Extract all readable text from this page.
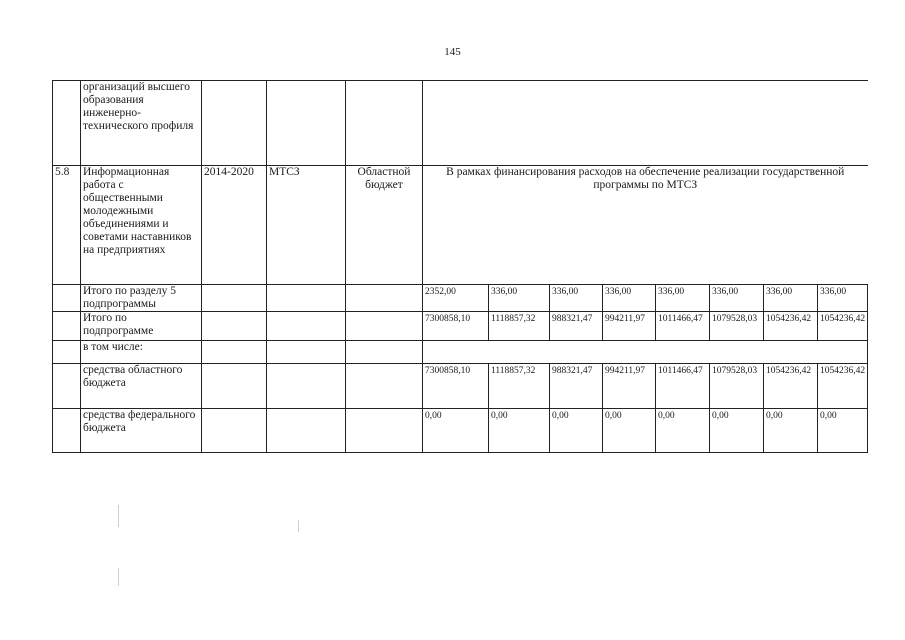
145
	организаций высшего образования инженерно-технического профиля											
5.8	Информационная работа с общественными молодежными объединениями и советами наставников на предприятиях	2014-2020	МТСЗ	Областной бюджет	В рамках финансирования расходов на обеспечение реализации государственной программы по МТСЗ							
	Итого по разделу 5 подпрограммы				2352,00	336,00	336,00	336,00	336,00	336,00	336,00	336,00
	Итого по подпрограмме				7300858,10	1118857,32	988321,47	994211,97	1011466,47	1079528,03	1054236,42	1054236,42
	в том числе:											
	средства областного бюджета				7300858,10	1118857,32	988321,47	994211,97	1011466,47	1079528,03	1054236,42	1054236,42
	средства федерального бюджета				0,00	0,00	0,00	0,00	0,00	0,00	0,00	0,00
